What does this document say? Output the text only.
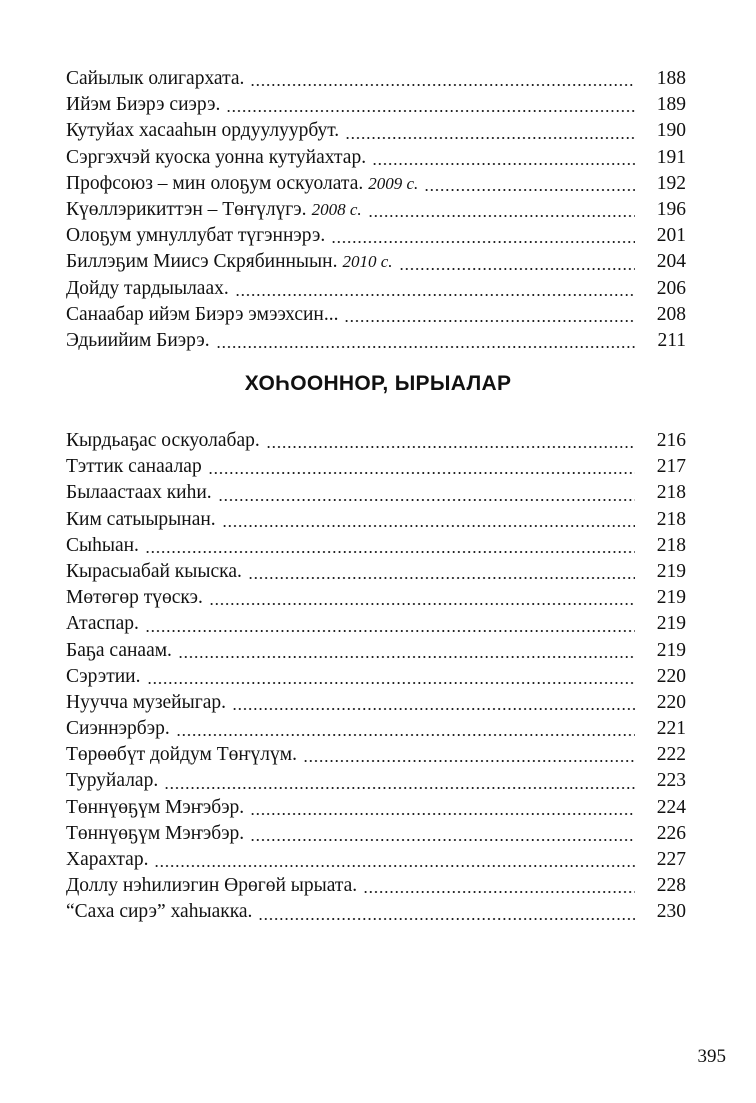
Сайылык олигархата.	188
Ийэм Биэрэ сиэрэ.	189
Кутуйах хасааһын ордуулуурбут.	190
Сэргэхчэй куоска уонна кутуйахтар.	191
Профсоюз – мин олоҕум оскуолата. 2009 с.	192
Күөллэрикиттэн – Төҥүлүгэ. 2008 с.	196
Олоҕум умнуллубат түгэннэрэ.	201
Биллэҕим Миисэ Скрябинныын. 2010 с.	204
Дойду тардыылаах.	206
Санаабар ийэм Биэрэ эмээхсин...	208
Эдьиийим Биэрэ.	211
ХОҺООННОР, ЫРЫАЛАР
Кырдьаҕас оскуолабар.	216
Тэттик санаалар	217
Былаастаах киһи.	218
Ким сатыырынан.	218
Сыһыан.	218
Кырасыабай кыыска.	219
Мөтөгөр түөскэ.	219
Атаспар.	219
Баҕа санаам.	219
Сэрэтии.	220
Нуучча музейыгар.	220
Сиэннэрбэр.	221
Төрөөбүт дойдум Төҥүлүм.	222
Туруйалар.	223
Төннүөҕүм Мэҥэбэр.	224
Төннүөҕүм Мэҥэбэр.	226
Харахтар.	227
Доллу нэһилиэгин Өрөгөй ырыата.	228
“Саха сирэ” хаһыакка.	230
395
